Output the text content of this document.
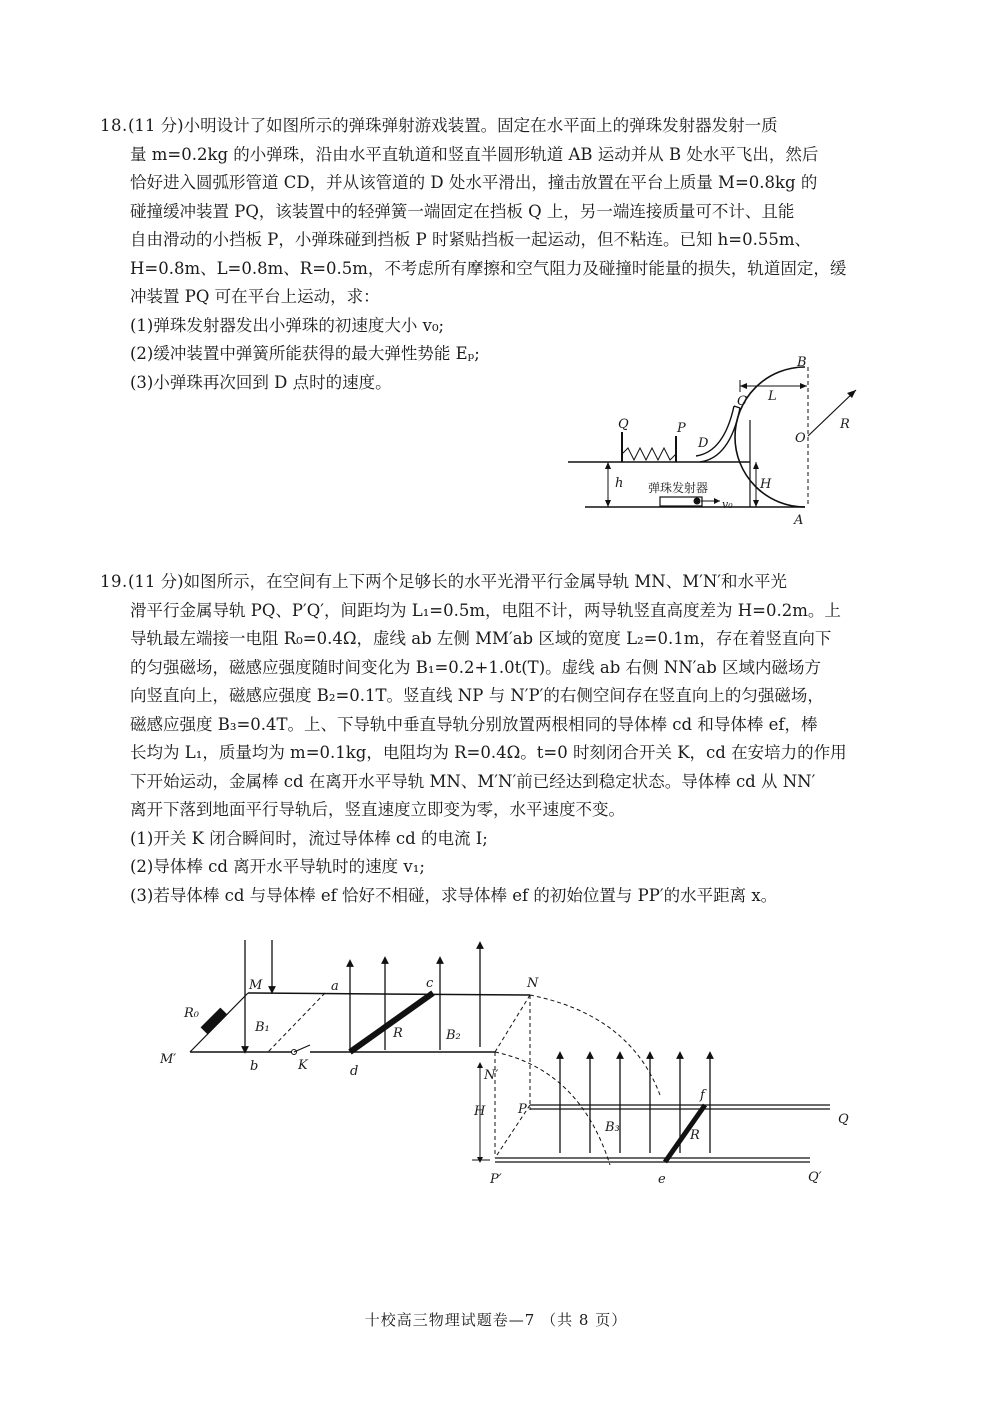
18. (11 分)小明设计了如图所示的弹珠弹射游戏装置。固定在水平面上的弹珠发射器发射一质
量 m=0.2kg 的小弹珠，沿由水平直轨道和竖直半圆形轨道 AB 运动并从 B 处水平飞出，然后
恰好进入圆弧形管道 CD，并从该管道的 D 处水平滑出，撞击放置在平台上质量 M=0.8kg 的
碰撞缓冲装置 PQ，该装置中的轻弹簧一端固定在挡板 Q 上，另一端连接质量可不计、且能
自由滑动的小挡板 P，小弹珠碰到挡板 P 时紧贴挡板一起运动，但不粘连。已知 h=0.55m、
H=0.8m、L=0.8m、R=0.5m，不考虑所有摩擦和空气阻力及碰撞时能量的损失，轨道固定，缓
冲装置 PQ 可在平台上运动，求：
(1)弹珠发射器发出小弹珠的初速度大小 v₀;
(2)缓冲装置中弹簧所能获得的最大弹性势能 Eₚ;
(3)小弹珠再次回到 D 点时的速度。
B
L
C
Q	P
D	O
R
H
h
A
弹珠发射器
v₀
19. (11 分)如图所示，在空间有上下两个足够长的水平光滑平行金属导轨 MN、M′N′和水平光
滑平行金属导轨 PQ、P′Q′，间距均为 L₁=0.5m，电阻不计，两导轨竖直高度差为 H=0.2m。上
导轨最左端接一电阻 R₀=0.4Ω，虚线 ab 左侧 MM′ab 区域的宽度 L₂=0.1m，存在着竖直向下
的匀强磁场，磁感应强度随时间变化为 B₁=0.2+1.0t(T)。虚线 ab 右侧 NN′ab 区域内磁场方
向竖直向上，磁感应强度 B₂=0.1T。竖直线 NP 与 N′P′的右侧空间存在竖直向上的匀强磁场，
磁感应强度 B₃=0.4T。上、下导轨中垂直导轨分别放置两根相同的导体棒 cd 和导体棒 ef，棒
长均为 L₁，质量均为 m=0.1kg，电阻均为 R=0.4Ω。t=0 时刻闭合开关 K，cd 在安培力的作用
下开始运动，金属棒 cd 在离开水平导轨 MN、M′N′前已经达到稳定状态。导体棒 cd 从 NN′
离开下落到地面平行导轨后，竖直速度立即变为零，水平速度不变。
(1)开关 K 闭合瞬间时，流过导体棒 cd 的电流 I;
(2)导体棒 cd 离开水平导轨时的速度 v₁;
(3)若导体棒 cd 与导体棒 ef 恰好不相碰，求导体棒 ef 的初始位置与 PP′的水平距离 x。
M	a	c	N
R₀
B₁	R	B₂
M′	b	K	d	N′
P
H
B₃
f
R
Q
P′	e	Q′
十校高三物理试题卷—7 （共 8 页）
